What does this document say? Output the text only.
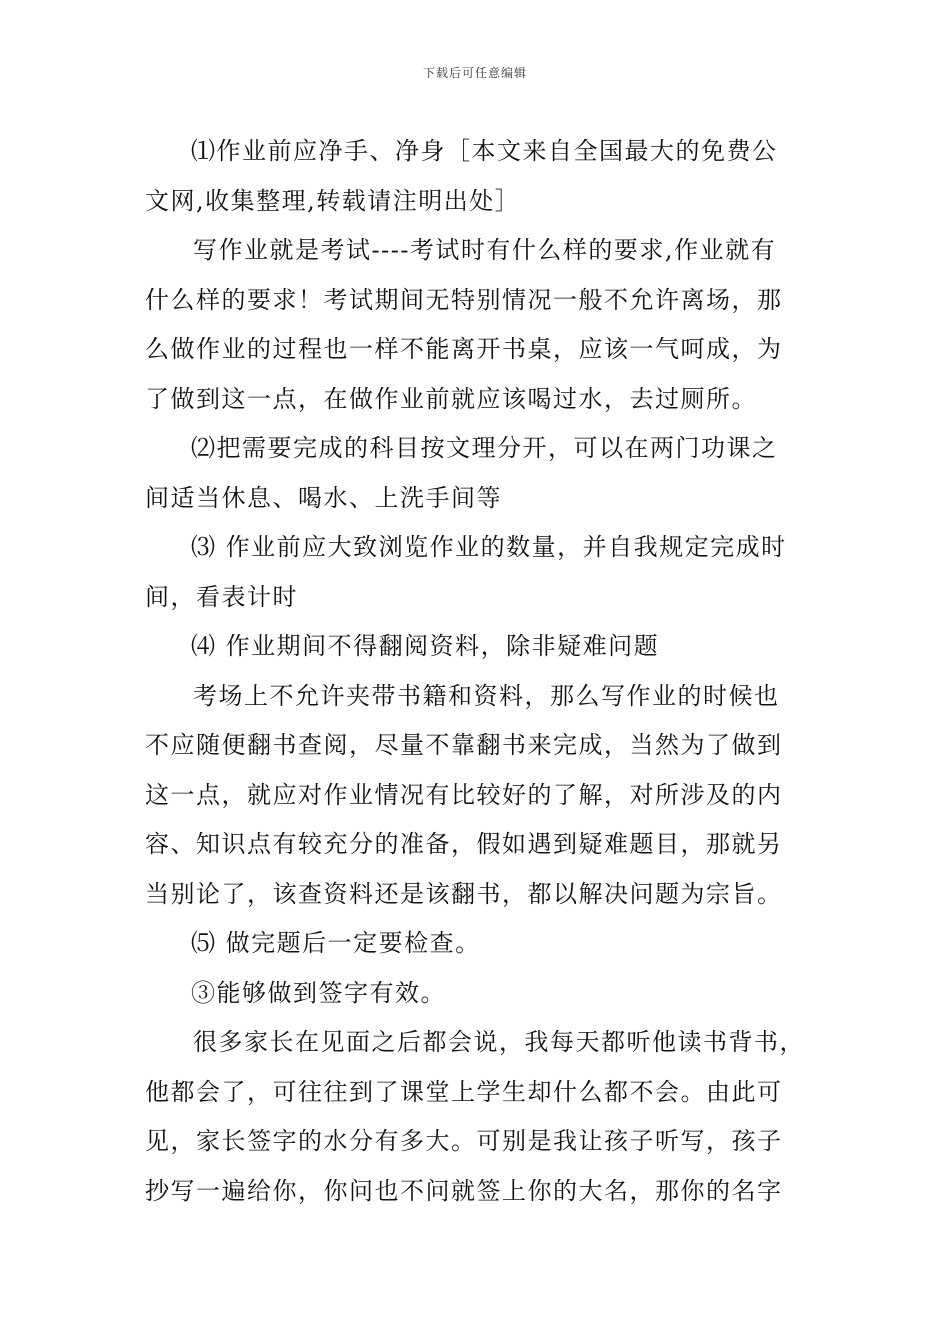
下载后可任意编辑
⑴作业前应净手、净身［本文来自全国最大的免费公
文网,收集整理,转载请注明出处］
写作业就是考试----考试时有什么样的要求,作业就有
什么样的要求！考试期间无特别情况一般不允许离场，那
么做作业的过程也一样不能离开书桌，应该一气呵成，为
了做到这一点，在做作业前就应该喝过水，去过厕所。
⑵把需要完成的科目按文理分开，可以在两门功课之
间适当休息、喝水、上洗手间等
⑶ 作业前应大致浏览作业的数量，并自我规定完成时
间，看表计时
⑷ 作业期间不得翻阅资料，除非疑难问题
考场上不允许夹带书籍和资料，那么写作业的时候也
不应随便翻书查阅，尽量不靠翻书来完成，当然为了做到
这一点，就应对作业情况有比较好的了解，对所涉及的内
容、知识点有较充分的准备，假如遇到疑难题目，那就另
当别论了，该查资料还是该翻书，都以解决问题为宗旨。
⑸ 做完题后一定要检查。
③能够做到签字有效。
很多家长在见面之后都会说，我每天都听他读书背书，
他都会了，可往往到了课堂上学生却什么都不会。由此可
见，家长签字的水分有多大。可别是我让孩子听写，孩子
抄写一遍给你，你问也不问就签上你的大名，那你的名字
